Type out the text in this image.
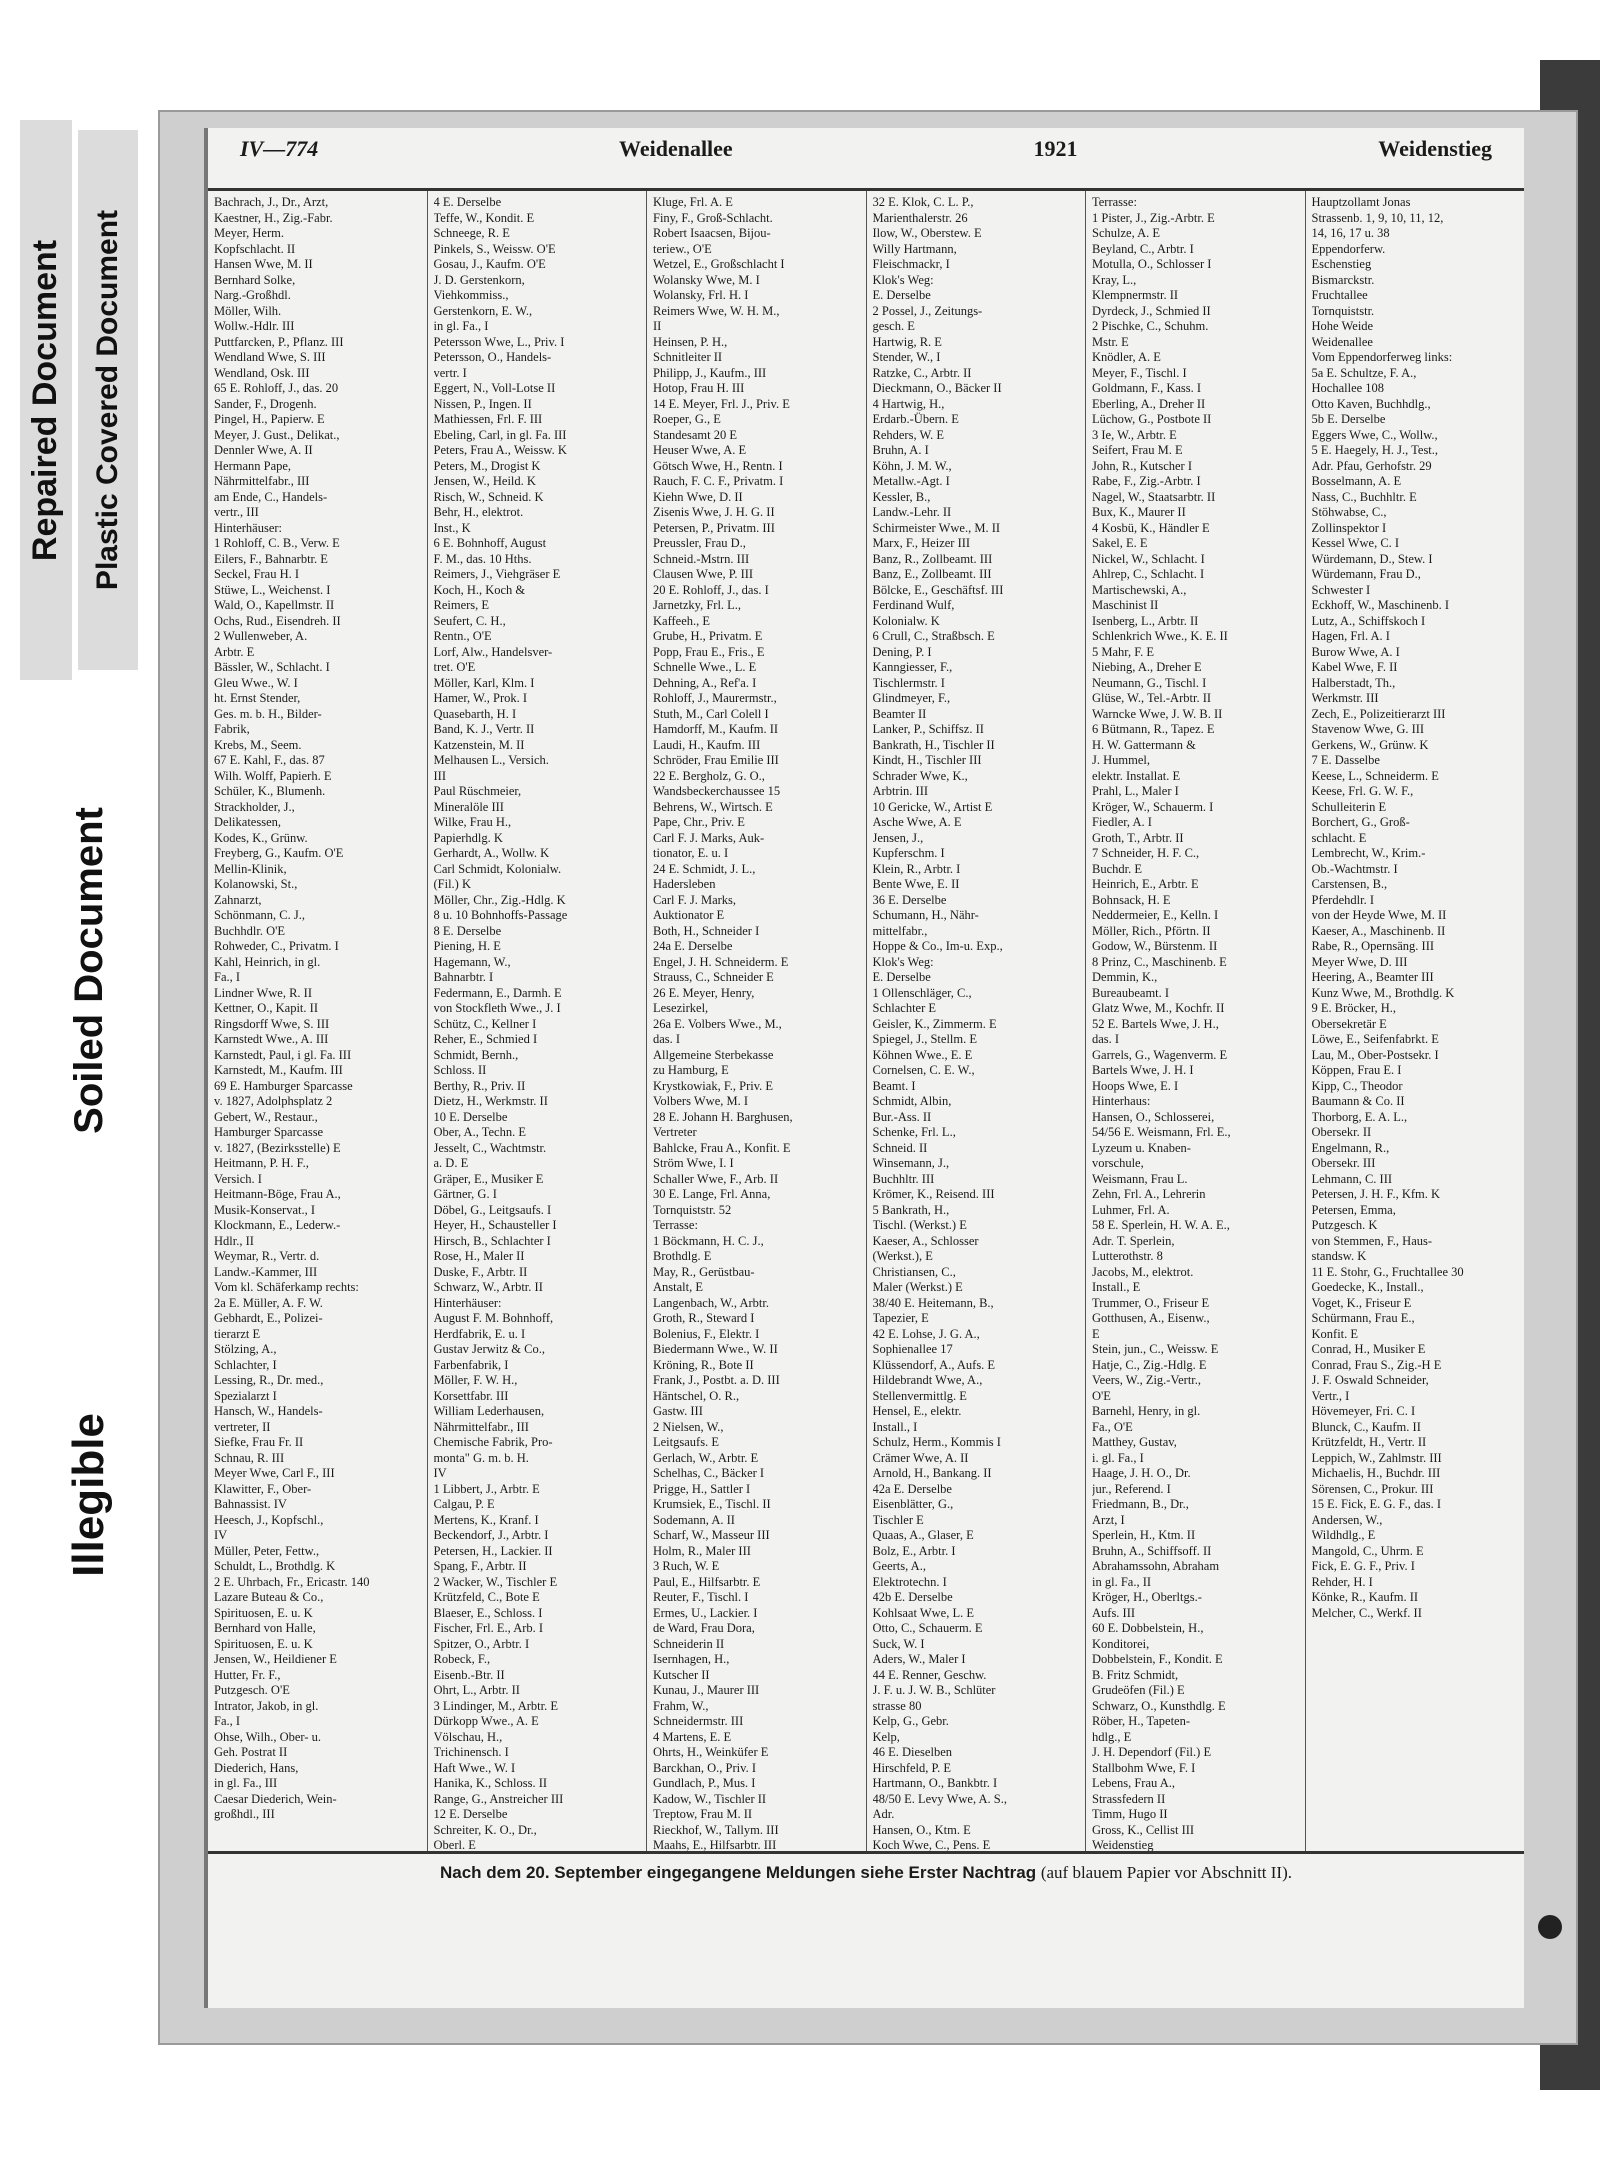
Repaired Document Plastic Covered Document
Soiled Document
Illegible
IV—774	Weidenallee	1921	Weidenstieg
Bachrach, J., Dr., Arzt,
Kaestner, H., Zig.-Fabr.
Meyer, Herm.
Kopfschlacht. II
Hansen Wwe, M. II
Bernhard Solke,
Narg.-Großhdl.
Möller, Wilh.
Wollw.-Hdlr. III
Puttfarcken, P., Pflanz. III
Wendland Wwe, S. III
Wendland, Osk. III
65 E. Rohloff, J., das. 20
Sander, F., Drogenh.
Pingel, H., Papierw. E
Meyer, J. Gust., Delikat.,
Dennler Wwe, A. II
Hermann Pape,
Nährmittelfabr., III
am Ende, C., Handels-
vertr., III
Hinterhäuser:
1 Rohloff, C. B., Verw. E
Eilers, F., Bahnarbtr. E
Seckel, Frau H. I
Stüwe, L., Weichenst. I
Wald, O., Kapellmstr. II
Ochs, Rud., Eisendreh. II
2 Wullenweber, A.
Arbtr. E
Bässler, W., Schlacht. I
Gleu Wwe., W. I
ht. Ernst Stender,
Ges. m. b. H., Bilder-
Fabrik,
Krebs, M., Seem.
67 E. Kahl, F., das. 87
Wilh. Wolff, Papierh. E
Schüler, K., Blumenh.
Strackholder, J.,
Delikatessen,
Kodes, K., Grünw.
Freyberg, G., Kaufm. O'E
Mellin-Klinik,
Kolanowski, St.,
Zahnarzt,
Schönmann, C. J.,
Buchhdlr. O'E
Rohweder, C., Privatm. I
Kahl, Heinrich, in gl.
Fa., I
Lindner Wwe, R. II
Kettner, O., Kapit. II
Ringsdorff Wwe, S. III
Karnstedt Wwe., A. III
Karnstedt, Paul, i gl. Fa. III
Karnstedt, M., Kaufm. III
69 E. Hamburger Sparcasse
v. 1827, Adolphsplatz 2
Gebert, W., Restaur.,
Hamburger Sparcasse
v. 1827, (Bezirksstelle) E
Heitmann, P. H. F.,
Versich. I
Heitmann-Böge, Frau A.,
Musik-Konservat., I
Klockmann, E., Lederw.-
Hdlr., II
Weymar, R., Vertr. d.
Landw.-Kammer, III
Vom kl. Schäferkamp rechts:
2a E. Müller, A. F. W.
Gebhardt, E., Polizei-
tierarzt E
Stölzing, A.,
Schlachter, I
Lessing, R., Dr. med.,
Spezialarzt I
Hansch, W., Handels-
vertreter, II
Siefke, Frau Fr. II
Schnau, R. III
Meyer Wwe, Carl F., III
Klawitter, F., Ober-
Bahnassist. IV
Heesch, J., Kopfschl.,
IV
Müller, Peter, Fettw.,
Schuldt, L., Brothdlg. K
2 E. Uhrbach, Fr., Ericastr. 140
Lazare Buteau & Co.,
Spirituosen, E. u. K
Bernhard von Halle,
Spirituosen, E. u. K
Jensen, W., Heildiener E
Hutter, Fr. F.,
Putzgesch. O'E
Intrator, Jakob, in gl.
Fa., I
Ohse, Wilh., Ober- u.
Geh. Postrat II
Diederich, Hans,
in gl. Fa., III
Caesar Diederich, Wein-
großhdl., III
4 E. Derselbe
Teffe, W., Kondit. E
Schneege, R. E
Pinkels, S., Weissw. O'E
Gosau, J., Kaufm. O'E
J. D. Gerstenkorn,
Viehkommiss.,
Gerstenkorn, E. W.,
in gl. Fa., I
Petersson Wwe, L., Priv. I
Petersson, O., Handels-
vertr. I
Eggert, N., Voll-Lotse II
Nissen, P., Ingen. II
Mathiessen, Frl. F. III
Ebeling, Carl, in gl. Fa. III
Peters, Frau A., Weissw. K
Peters, M., Drogist K
Jensen, W., Heild. K
Risch, W., Schneid. K
Behr, H., elektrot.
Inst., K
6 E. Bohnhoff, August
F. M., das. 10 Hths.
Reimers, J., Viehgräser E
Koch, H., Koch &
Reimers, E
Seufert, C. H.,
Rentn., O'E
Lorf, Alw., Handelsver-
tret. O'E
Möller, Karl, Klm. I
Hamer, W., Prok. I
Quasebarth, H. I
Band, K. J., Vertr. II
Katzenstein, M. II
Melhausen L., Versich.
III
Paul Rüschmeier,
Mineralöle III
Wilke, Frau H.,
Papierhdlg. K
Gerhardt, A., Wollw. K
Carl Schmidt, Kolonialw.
(Fil.) K
Möller, Chr., Zig.-Hdlg. K
8 u. 10 Bohnhoffs-Passage
8 E. Derselbe
Piening, H. E
Hagemann, W.,
Bahnarbtr. I
Federmann, E., Darmh. E
von Stockfleth Wwe., J. I
Schütz, C., Kellner I
Reher, E., Schmied I
Schmidt, Bernh.,
Schloss. II
Berthy, R., Priv. II
Dietz, H., Werkmstr. II
10 E. Derselbe
Ober, A., Techn. E
Jesselt, C., Wachtmstr.
a. D. E
Gräper, E., Musiker E
Gärtner, G. I
Döbel, G., Leitgsaufs. I
Heyer, H., Schausteller I
Hirsch, B., Schlachter I
Rose, H., Maler II
Duske, F., Arbtr. II
Schwarz, W., Arbtr. II
Hinterhäuser:
August F. M. Bohnhoff,
Herdfabrik, E. u. I
Gustav Jerwitz & Co.,
Farbenfabrik, I
Möller, F. W. H.,
Korsettfabr. III
William Lederhausen,
Nährmittelfabr., III
Chemische Fabrik, Pro-
monta" G. m. b. H.
IV
1 Libbert, J., Arbtr. E
Calgau, P. E
Mertens, K., Kranf. I
Beckendorf, J., Arbtr. I
Petersen, H., Lackier. II
Spang, F., Arbtr. II
2 Wacker, W., Tischler E
Krützfeld, C., Bote E
Blaeser, E., Schloss. I
Fischer, Frl. E., Arb. I
Spitzer, O., Arbtr. I
Robeck, F.,
Eisenb.-Btr. II
Ohrt, L., Arbtr. II
3 Lindinger, M., Arbtr. E
Dürkopp Wwe., A. E
Völschau, H.,
Trichinensch. I
Haft Wwe., W. I
Hanika, K., Schloss. II
Range, G., Anstreicher III
12 E. Derselbe
Schreiter, K. O., Dr.,
Oberl. E
Kluge, Frl. A. E
Finy, F., Groß-Schlacht.
Robert Isaacsen, Bijou-
teriew., O'E
Wetzel, E., Großschlacht I
Wolansky Wwe, M. I
Wolansky, Frl. H. I
Reimers Wwe, W. H. M.,
II
Heinsen, P. H.,
Schnitleiter II
Philipp, J., Kaufm., III
Hotop, Frau H. III
14 E. Meyer, Frl. J., Priv. E
Roeper, G., E
Standesamt 20 E
Heuser Wwe, A. E
Götsch Wwe, H., Rentn. I
Rauch, F. C. F., Privatm. I
Kiehn Wwe, D. II
Zisenis Wwe, J. H. G. II
Petersen, P., Privatm. III
Preussler, Frau D.,
Schneid.-Mstrn. III
Clausen Wwe, P. III
20 E. Rohloff, J., das. I
Jarnetzky, Frl. L.,
Kaffeeh., E
Grube, H., Privatm. E
Popp, Frau E., Fris., E
Schnelle Wwe., L. E
Dehning, A., Ref'a. I
Rohloff, J., Maurermstr.,
Stuth, M., Carl Colell I
Hamdorff, M., Kaufm. II
Laudi, H., Kaufm. III
Schröder, Frau Emilie III
22 E. Bergholz, G. O.,
Wandsbeckerchaussee 15
Behrens, W., Wirtsch. E
Pape, Chr., Priv. E
Carl F. J. Marks, Auk-
tionator, E. u. I
24 E. Schmidt, J. L.,
Hadersleben
Carl F. J. Marks,
Auktionator E
Both, H., Schneider I
24a E. Derselbe
Engel, J. H. Schneiderm. E
Strauss, C., Schneider E
26 E. Meyer, Henry,
Lesezirkel,
26a E. Volbers Wwe., M.,
das. I
Allgemeine Sterbekasse
zu Hamburg, E
Krystkowiak, F., Priv. E
Volbers Wwe, M. I
28 E. Johann H. Barghusen,
Vertreter
Bahlcke, Frau A., Konfit. E
Ström Wwe, I. I
Schaller Wwe, F., Arb. II
30 E. Lange, Frl. Anna,
Tornquiststr. 52
Terrasse:
1 Böckmann, H. C. J.,
Brothdlg. E
May, R., Gerüstbau-
Anstalt, E
Langenbach, W., Arbtr.
Groth, R., Steward I
Bolenius, F., Elektr. I
Biedermann Wwe., W. II
Kröning, R., Bote II
Frank, J., Postbt. a. D. III
Häntschel, O. R.,
Gastw. III
2 Nielsen, W.,
Leitgsaufs. E
Gerlach, W., Arbtr. E
Schelhas, C., Bäcker I
Prigge, H., Sattler I
Krumsiek, E., Tischl. II
Sodemann, A. II
Scharf, W., Masseur III
Holm, R., Maler III
3 Ruch, W. E
Paul, E., Hilfsarbtr. E
Reuter, F., Tischl. I
Ermes, U., Lackier. I
de Ward, Frau Dora,
Schneiderin II
Isernhagen, H.,
Kutscher II
Kunau, J., Maurer III
Frahm, W.,
Schneidermstr. III
4 Martens, E. E
Ohrts, H., Weinküfer E
Barckhan, O., Priv. I
Gundlach, P., Mus. I
Kadow, W., Tischler II
Treptow, Frau M. II
Rieckhof, W., Tallym. III
Maahs, E., Hilfsarbtr. III
32 E. Klok, C. L. P.,
Marienthalerstr. 26
Ilow, W., Oberstew. E
Willy Hartmann,
Fleischmackr, I
Klok's Weg:
E. Derselbe
2 Possel, J., Zeitungs-
gesch. E
Hartwig, R. E
Stender, W., I
Ratzke, C., Arbtr. II
Dieckmann, O., Bäcker II
4 Hartwig, H.,
Erdarb.-Übern. E
Rehders, W. E
Bruhn, A. I
Köhn, J. M. W.,
Metallw.-Agt. I
Kessler, B.,
Landw.-Lehr. II
Schirmeister Wwe., M. II
Marx, F., Heizer III
Banz, R., Zollbeamt. III
Banz, E., Zollbeamt. III
Bölcke, E., Geschäftsf. III
Ferdinand Wulf,
Kolonialw. K
6 Crull, C., Straßbsch. E
Dening, P. I
Kanngiesser, F.,
Tischlermstr. I
Glindmeyer, F.,
Beamter II
Lanker, P., Schiffsz. II
Bankrath, H., Tischler II
Kindt, H., Tischler III
Schrader Wwe, K.,
Arbtrin. III
10 Gericke, W., Artist E
Asche Wwe, A. E
Jensen, J.,
Kupferschm. I
Klein, R., Arbtr. I
Bente Wwe, E. II
36 E. Derselbe
Schumann, H., Nähr-
mittelfabr.,
Hoppe & Co., Im-u. Exp.,
Klok's Weg:
E. Derselbe
1 Ollenschläger, C.,
Schlachter E
Geisler, K., Zimmerm. E
Spiegel, J., Stellm. E
Köhnen Wwe., E. E
Cornelsen, C. E. W.,
Beamt. I
Schmidt, Albin,
Bur.-Ass. II
Schenke, Frl. L.,
Schneid. II
Winsemann, J.,
Buchhltr. III
Krömer, K., Reisend. III
5 Bankrath, H.,
Tischl. (Werkst.) E
Kaeser, A., Schlosser
(Werkst.), E
Christiansen, C.,
Maler (Werkst.) E
38/40 E. Heitemann, B.,
Tapezier, E
42 E. Lohse, J. G. A.,
Sophienallee 17
Klüssendorf, A., Aufs. E
Hildebrandt Wwe, A.,
Stellenvermittlg. E
Hensel, E., elektr.
Install., I
Schulz, Herm., Kommis I
Crämer Wwe, A. II
Arnold, H., Bankang. II
42a E. Derselbe
Eisenblätter, G.,
Tischler E
Quaas, A., Glaser, E
Bolz, E., Arbtr. I
Geerts, A.,
Elektrotechn. I
42b E. Derselbe
Kohlsaat Wwe, L. E
Otto, C., Schauerm. E
Suck, W. I
Aders, W., Maler I
44 E. Renner, Geschw.
J. F. u. J. W. B., Schlüter
strasse 80
Kelp, G., Gebr.
Kelp,
46 E. Dieselben
Hirschfeld, P. E
Hartmann, O., Bankbtr. I
48/50 E. Levy Wwe, A. S.,
Adr.
Hansen, O., Ktm. E
Koch Wwe, C., Pens. E
Terrasse:
1 Pister, J., Zig.-Arbtr. E
Schulze, A. E
Beyland, C., Arbtr. I
Motulla, O., Schlosser I
Kray, L.,
Klempnermstr. II
Dyrdeck, J., Schmied II
2 Pischke, C., Schuhm.
Mstr. E
Knödler, A. E
Meyer, F., Tischl. I
Goldmann, F., Kass. I
Eberling, A., Dreher II
Lüchow, G., Postbote II
3 Ie, W., Arbtr. E
Seifert, Frau M. E
John, R., Kutscher I
Rabe, F., Zig.-Arbtr. I
Nagel, W., Staatsarbtr. II
Bux, K., Maurer II
4 Kosbü, K., Händler E
Sakel, E. E
Nickel, W., Schlacht. I
Ahlrep, C., Schlacht. I
Martischewski, A.,
Maschinist II
Isenberg, L., Arbtr. II
Schlenkrich Wwe., K. E. II
5 Mahr, F. E
Niebing, A., Dreher E
Neumann, G., Tischl. I
Glüse, W., Tel.-Arbtr. II
Warncke Wwe, J. W. B. II
6 Bütmann, R., Tapez. E
H. W. Gattermann &
J. Hummel,
elektr. Installat. E
Prahl, L., Maler I
Kröger, W., Schauerm. I
Fiedler, A. I
Groth, T., Arbtr. II
7 Schneider, H. F. C.,
Buchdr. E
Heinrich, E., Arbtr. E
Bohnsack, H. E
Neddermeier, E., Kelln. I
Möller, Rich., Pförtn. II
Godow, W., Bürstenm. II
8 Prinz, C., Maschinenb. E
Demmin, K.,
Bureaubeamt. I
Glatz Wwe, M., Kochfr. II
52 E. Bartels Wwe, J. H.,
das. I
Garrels, G., Wagenverm. E
Bartels Wwe, J. H. I
Hoops Wwe, E. I
Hinterhaus:
Hansen, O., Schlosserei,
54/56 E. Weismann, Frl. E.,
Lyzeum u. Knaben-
vorschule,
Weismann, Frau L.
Zehn, Frl. A., Lehrerin
Luhmer, Frl. A.
58 E. Sperlein, H. W. A. E.,
Adr. T. Sperlein,
Lutterothstr. 8
Jacobs, M., elektrot.
Install., E
Trummer, O., Friseur E
Gotthusen, A., Eisenw.,
E
Stein, jun., C., Weissw. E
Hatje, C., Zig.-Hdlg. E
Veers, W., Zig.-Vertr.,
O'E
Barnehl, Henry, in gl.
Fa., O'E
Matthey, Gustav,
i. gl. Fa., I
Haage, J. H. O., Dr.
jur., Referend. I
Friedmann, B., Dr.,
Arzt, I
Sperlein, H., Ktm. II
Bruhn, A., Schiffsoff. II
Abrahamssohn, Abraham
in gl. Fa., II
Kröger, H., Oberltgs.-
Aufs. III
60 E. Dobbelstein, H.,
Konditorei,
Dobbelstein, F., Kondit. E
B. Fritz Schmidt,
Grudeöfen (Fil.) E
Schwarz, O., Kunsthdlg. E
Röber, H., Tapeten-
hdlg., E
J. H. Dependorf (Fil.) E
Stallbohm Wwe, F. I
Lebens, Frau A.,
Strassfedern II
Timm, Hugo II
Gross, K., Cellist III
Weidenstieg
Hauptzollamt Jonas
Strassenb. 1, 9, 10, 11, 12,
14, 16, 17 u. 38
Eppendorferw.
Eschenstieg
Bismarckstr.
Fruchtallee
Tornquiststr.
Hohe Weide
Weidenallee
Vom Eppendorferweg links:
5a E. Schultze, F. A.,
Hochallee 108
Otto Kaven, Buchhdlg.,
5b E. Derselbe
Eggers Wwe, C., Wollw.,
5 E. Haegely, H. J., Test.,
Adr. Pfau, Gerhofstr. 29
Bosselmann, A. E
Nass, C., Buchhltr. E
Stöhwabse, C.,
Zollinspektor I
Kessel Wwe, C. I
Würdemann, D., Stew. I
Würdemann, Frau D.,
Schwester I
Eckhoff, W., Maschinenb. I
Lutz, A., Schiffskoch I
Hagen, Frl. A. I
Burow Wwe, A. I
Kabel Wwe, F. II
Halberstadt, Th.,
Werkmstr. III
Zech, E., Polizeitierarzt III
Stavenow Wwe, G. III
Gerkens, W., Grünw. K
7 E. Dasselbe
Keese, L., Schneiderm. E
Keese, Frl. G. W. F.,
Schulleiterin E
Borchert, G., Groß-
schlacht. E
Lembrecht, W., Krim.-
Ob.-Wachtmstr. I
Carstensen, B.,
Pferdehdlr. I
von der Heyde Wwe, M. II
Kaeser, A., Maschinenb. II
Rabe, R., Opernsäng. III
Meyer Wwe, D. III
Heering, A., Beamter III
Kunz Wwe, M., Brothdlg. K
9 E. Bröcker, H.,
Obersekretär E
Löwe, E., Seifenfabrkt. E
Lau, M., Ober-Postsekr. I
Köppen, Frau E. I
Kipp, C., Theodor
Baumann & Co. II
Thorborg, E. A. L.,
Obersekr. II
Engelmann, R.,
Obersekr. III
Lehmann, C. III
Petersen, J. H. F., Kfm. K
Petersen, Emma,
Putzgesch. K
von Stemmen, F., Haus-
standsw. K
11 E. Stohr, G., Fruchtallee 30
Goedecke, K., Install.,
Voget, K., Friseur E
Schürmann, Frau E.,
Konfit. E
Conrad, H., Musiker E
Conrad, Frau S., Zig.-H E
J. F. Oswald Schneider,
Vertr., I
Hövemeyer, Fri. C. I
Blunck, C., Kaufm. II
Krützfeldt, H., Vertr. II
Leppich, W., Zahlmstr. III
Michaelis, H., Buchdr. III
Sörensen, C., Prokur. III
15 E. Fick, E. G. F., das. I
Andersen, W.,
Wildhdlg., E
Mangold, C., Uhrm. E
Fick, E. G. F., Priv. I
Rehder, H. I
Könke, R., Kaufm. II
Melcher, C., Werkf. II
Nach dem 20. September eingegangene Meldungen siehe Erster Nachtrag (auf blauem Papier vor Abschnitt II).
